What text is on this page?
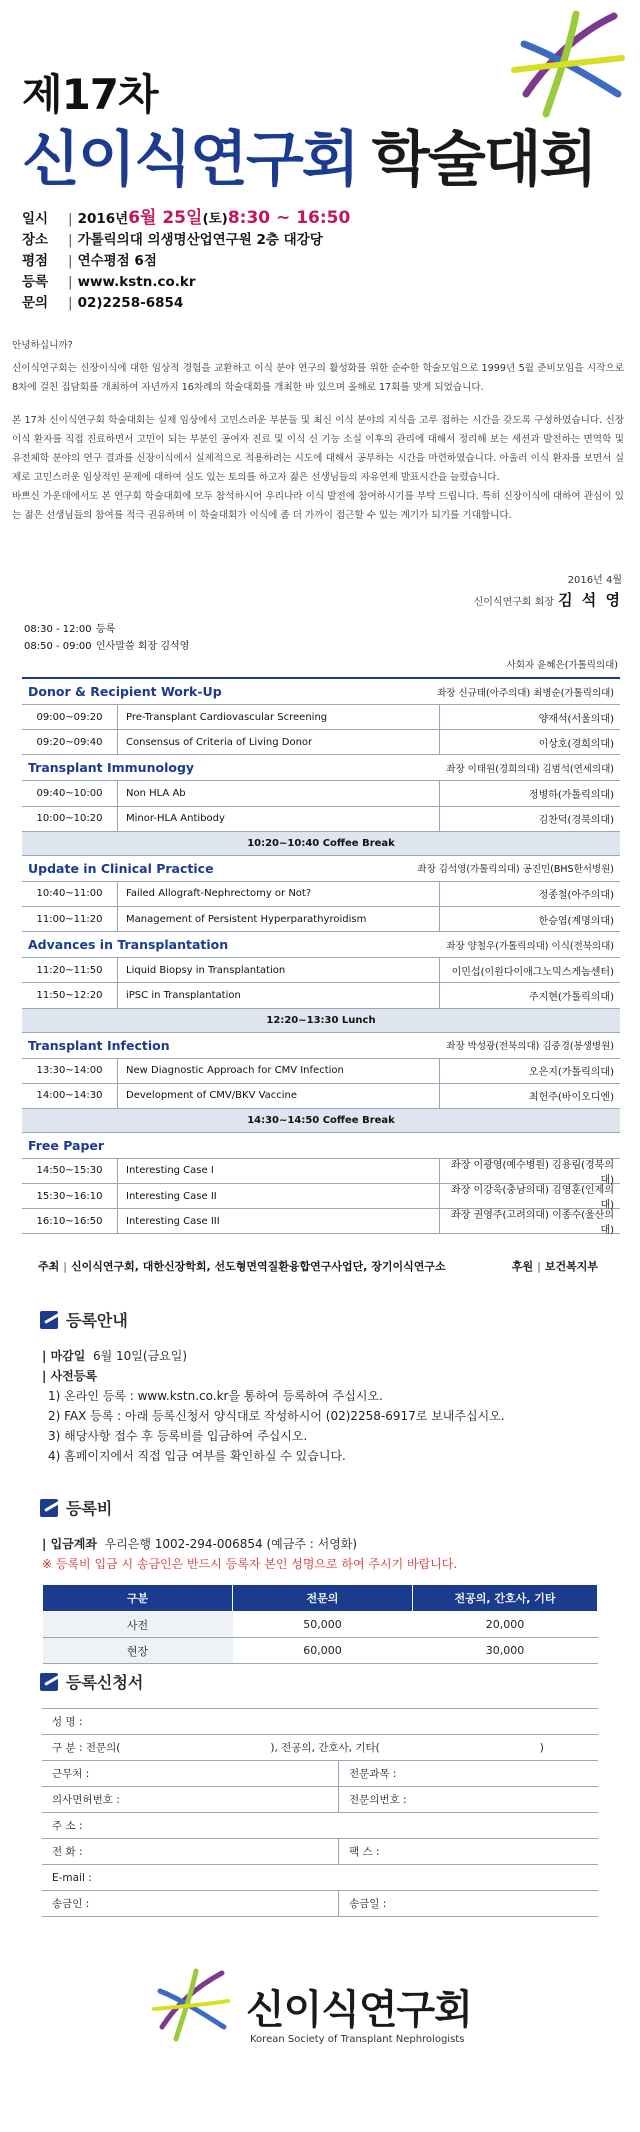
제17차
신이식연구회 학술대회
일시	| 2016년 6월 25일 (토) 8:30 ~ 16:50
장소	| 가톨릭의대 의생명산업연구원 2층 대강당
평점	| 연수평점 6점
등록	| www.kstn.co.kr
문의	| 02)2258-6854

안녕하십니까?

신이식연구회는 신장이식에 대한 임상적 경험을 교환하고 이식 분야 연구의 활성화를 위한 순수한 학술모임으로 1999년 5월 준비모임을 시작으로 8차에 걸친 집담회를 개최하여 자년까지 16차례의 학술대회를 개최한 바 있으며 올해로 17회를 맞게 되었습니다.

본 17차 신이식연구회 학술대회는 실제 임상에서 고민스러운 부분들 및 최신 이식 분야의 지식을 고루 접하는 시간을 갖도록 구성하였습니다. 신장이식 환자를 직접 진료하면서 고민이 되는 부분인 공여자 진료 및 이식 신 기능 소실 이후의 관리에 대해서 정리해 보는 세션과 발전하는 면역학 및 유전체학 분야의 연구 결과를 신장이식에서 실제적으로 적용하려는 시도에 대해서 공부하는 시간을 마련하였습니다. 아울러 이식 환자를 보면서 실제로 고민스러운 임상적인 문제에 대하여 심도 있는 토의를 하고자 젊은 선생님들의 자유연제 발표시간을 늘렸습니다.

바쁘신 가운데에서도 본 연구회 학술대회에 모두 참석하시어 우리나라 이식 발전에 참여하시기를 부탁 드립니다. 특히 신장이식에 대하여 관심이 있는 젊은 선생님들의 참여를 적극 권유하며 이 학술대회가 이식에 좀 더 가까이 접근할 수 있는 계기가 되기를 기대합니다.

2016년 4월
신이식연구회 회장 김 석 영
08:30 - 12:00 등록
08:50 - 09:00 인사말씀 회장 김석영
사회자 윤혜은(가톨릭의대)
Donor & Recipient Work-Up	좌장 신규태(아주의대) 최병순(가톨릭의대)
09:00~09:20	Pre-Transplant Cardiovascular Screening	양재석(서울의대)
09:20~09:40	Consensus of Criteria of Living Donor	이상호(경희의대)
Transplant Immunology	좌장 이태원(경희의대) 김범석(연세의대)
09:40~10:00	Non HLA Ab	정병하(가톨릭의대)
10:00~10:20	Minor-HLA Antibody	김찬덕(경북의대)
10:20~10:40 Coffee Break
Update in Clinical Practice	좌장 김석영(가톨릭의대) 공진민(BHS한서병원)
10:40~11:00	Failed Allograft-Nephrectomy or Not?	정종철(아주의대)
11:00~11:20	Management of Persistent Hyperparathyroidism	한승엽(계명의대)
Advances in Transplantation	좌장 양철우(가톨릭의대) 이식(전북의대)
11:20~11:50	Liquid Biopsy in Transplantation	이민섭(이원다이애그노믹스게놈센터)
11:50~12:20	iPSC in Transplantation	주지현(가톨릭의대)
12:20~13:30 Lunch
Transplant Infection	좌장 박성광(전북의대) 김중경(봉생병원)
13:30~14:00	New Diagnostic Approach for CMV Infection	오은지(가톨릭의대)
14:00~14:30	Development of CMV/BKV Vaccine	최헌주(바이오디엔)
14:30~14:50 Coffee Break
Free Paper
14:50~15:30	Interesting Case I	좌장 이광영(예수병원) 김용림(경북의대)
15:30~16:10	Interesting Case II	좌장 이강욱(충남의대) 김영훈(인제의대)
16:10~16:50	Interesting Case III	좌장 권영주(고려의대) 이종수(울산의대)
주최 | 신이식연구회, 대한신장학회, 선도형면역질환융합연구사업단, 장기이식연구소	후원 | 보건복지부
등록안내
| 마감일 6월 10일(금요일)
| 사전등록
1) 온라인 등록 : www.kstn.co.kr을 통하여 등록하여 주십시오.
2) FAX 등록 : 아래 등록신청서 양식대로 작성하시어 (02)2258-6917로 보내주십시오.
3) 해당사항 접수 후 등록비를 입금하여 주십시오.
4) 홈페이지에서 직접 입금 여부를 확인하실 수 있습니다.
등록비
| 입금계좌 우리은행 1002-294-006854 (예금주 : 서영화)
※ 등록비 입금 시 송금인은 반드시 등록자 본인 성명으로 하여 주시기 바랍니다.
구분	전문의	전공의, 간호사, 기타
사전	50,000	20,000
현장	60,000	30,000
등록신청서
성 명 :
구 분 : 전문의(	), 전공의, 간호사, 기타(	)
근무처 :	전문과목 :
의사면허번호 :	전문의번호 :
주 소 :
전 화 :	팩 스 :
E-mail :
송금인 :	송금일 :
신이식연구회
Korean Society of Transplant Nephrologists
